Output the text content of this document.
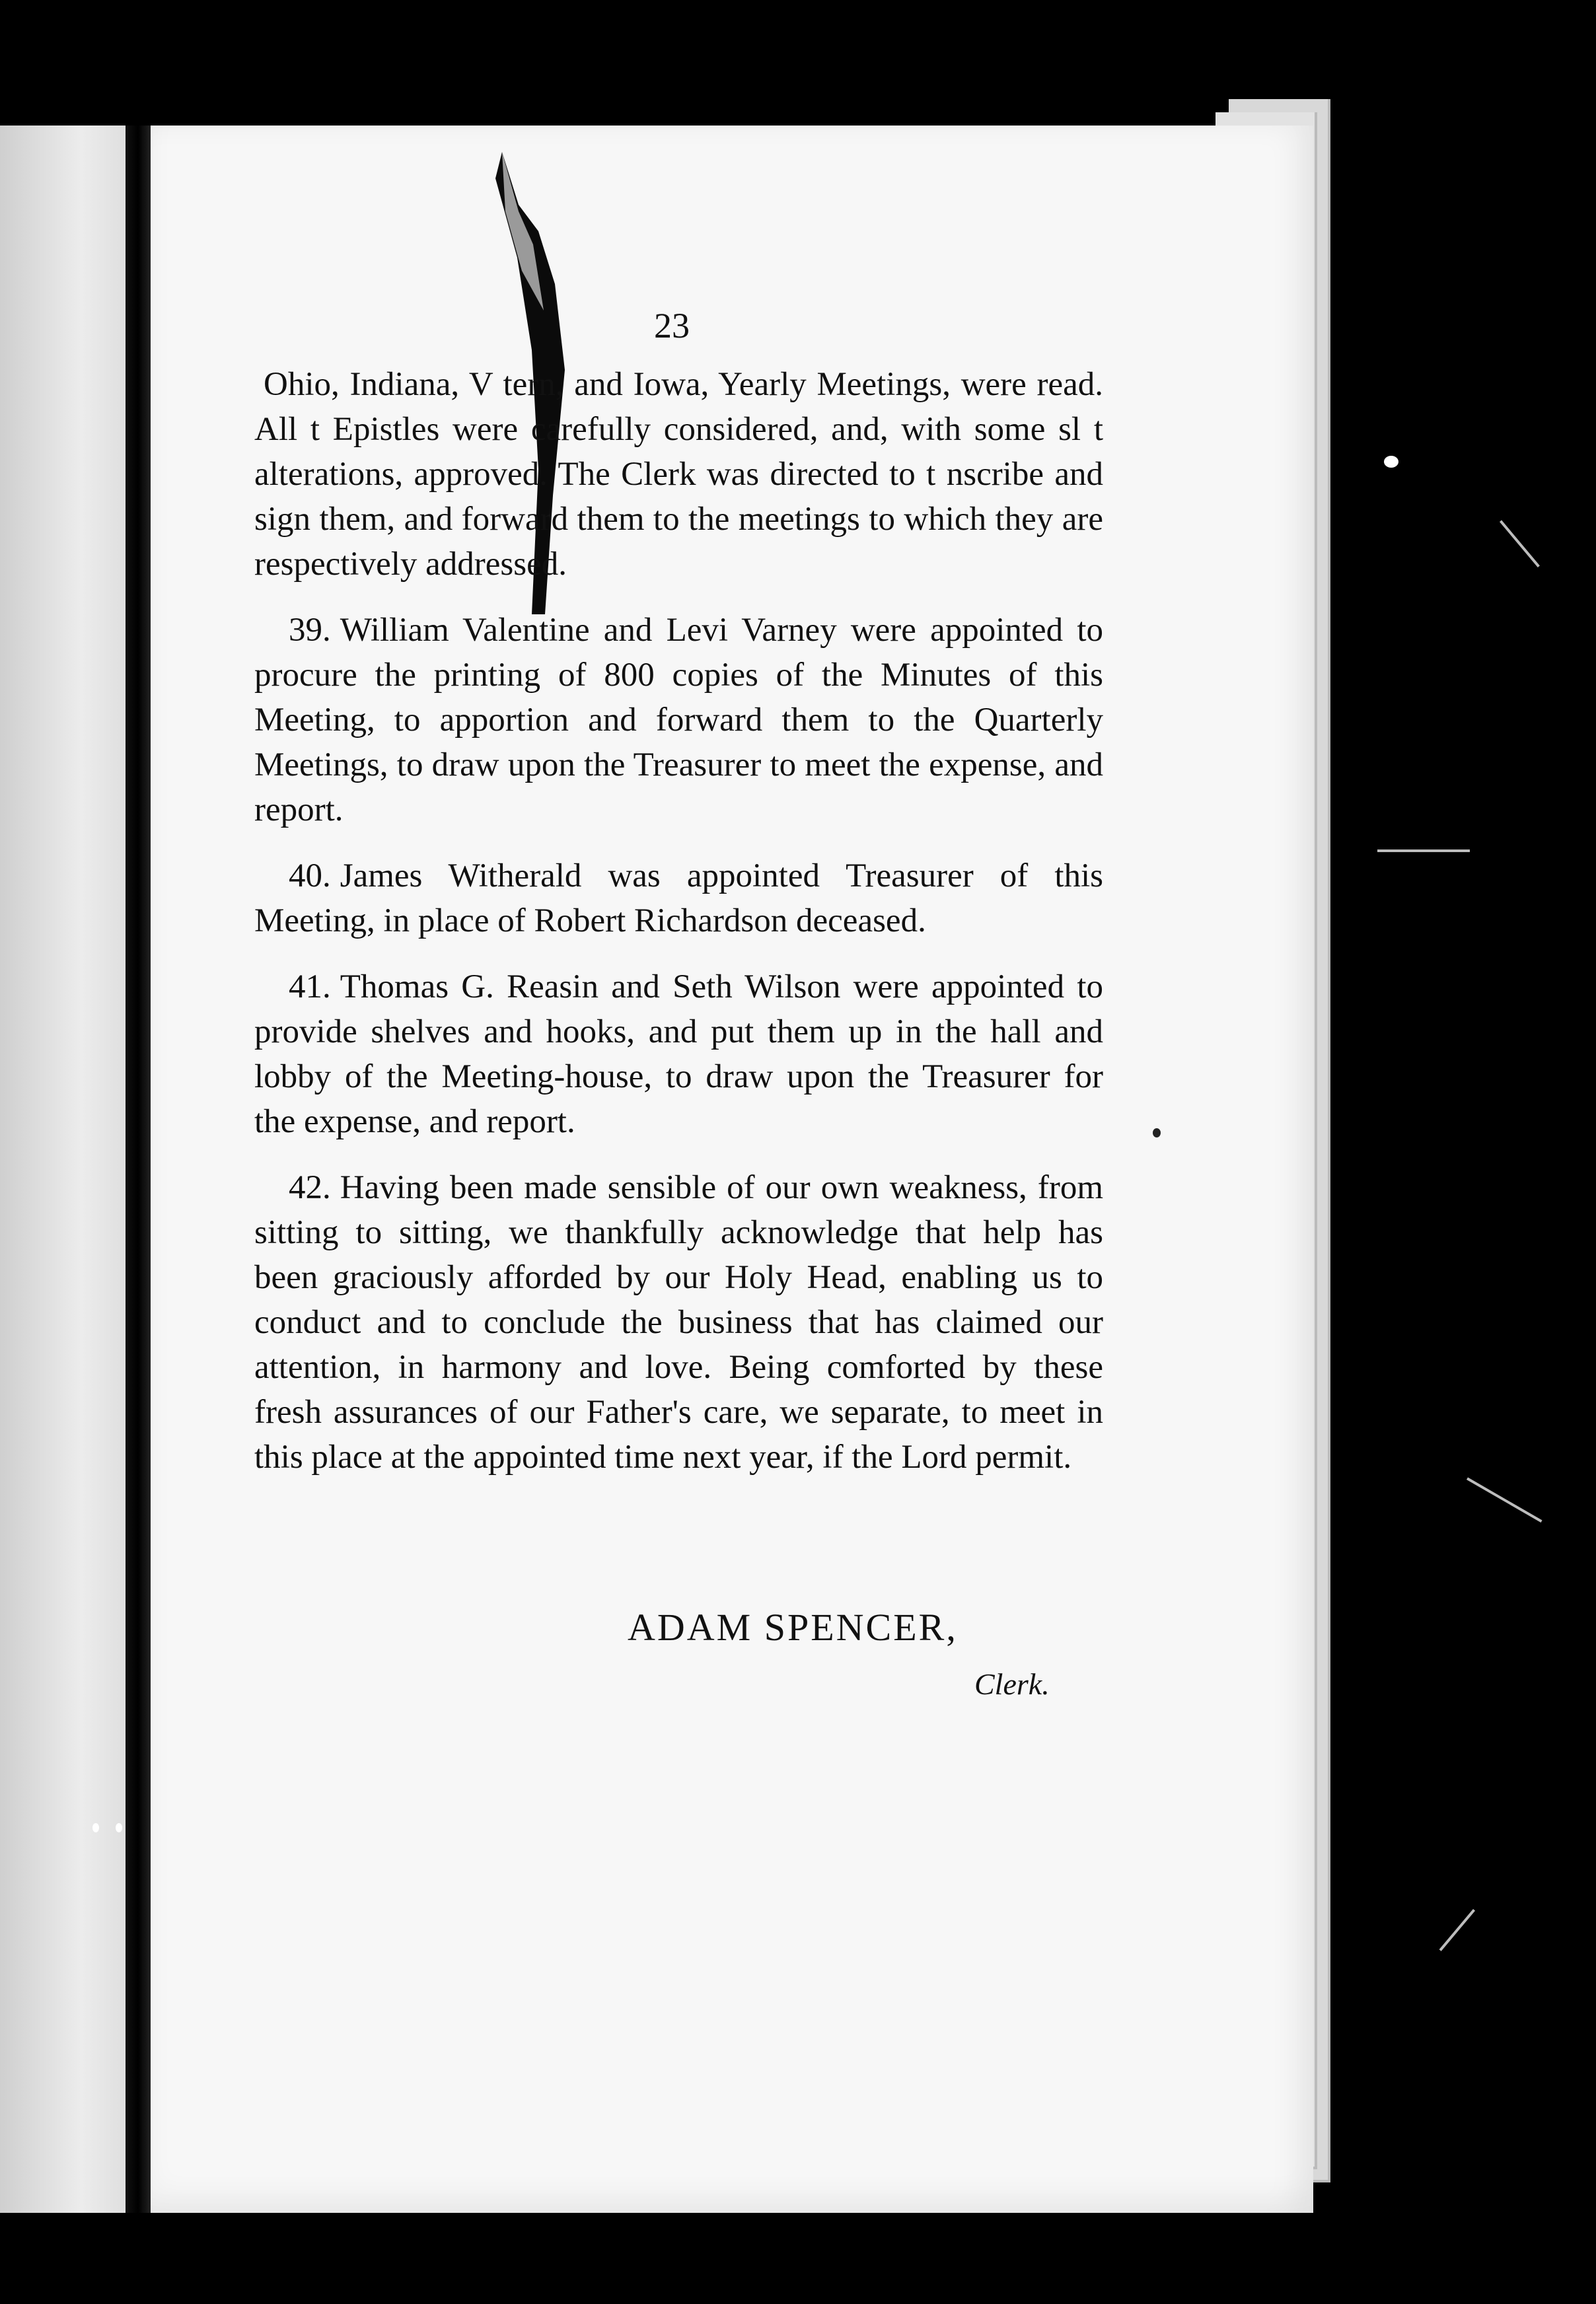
23

Ohio, Indiana, V tern, and Iowa, Yearly Meetings, were read. All t Epistles were carefully considered, and, with some sl t alterations, approved. The Clerk was directed to t nscribe and sign them, and forward them to the meetings to which they are respectively addressed.

39. William Valentine and Levi Varney were appointed to procure the printing of 800 copies of the Minutes of this Meeting, to apportion and forward them to the Quarterly Meetings, to draw upon the Treasurer to meet the expense, and report.

40. James Witherald was appointed Treasurer of this Meeting, in place of Robert Richardson deceased.

41. Thomas G. Reasin and Seth Wilson were appointed to provide shelves and hooks, and put them up in the hall and lobby of the Meeting-house, to draw upon the Treasurer for the expense, and report.

42. Having been made sensible of our own weakness, from sitting to sitting, we thankfully acknowledge that help has been graciously afforded by our Holy Head, enabling us to conduct and to conclude the business that has claimed our attention, in harmony and love. Being comforted by these fresh assurances of our Father's care, we separate, to meet in this place at the appointed time next year, if the Lord permit.

ADAM SPENCER,
Clerk.
